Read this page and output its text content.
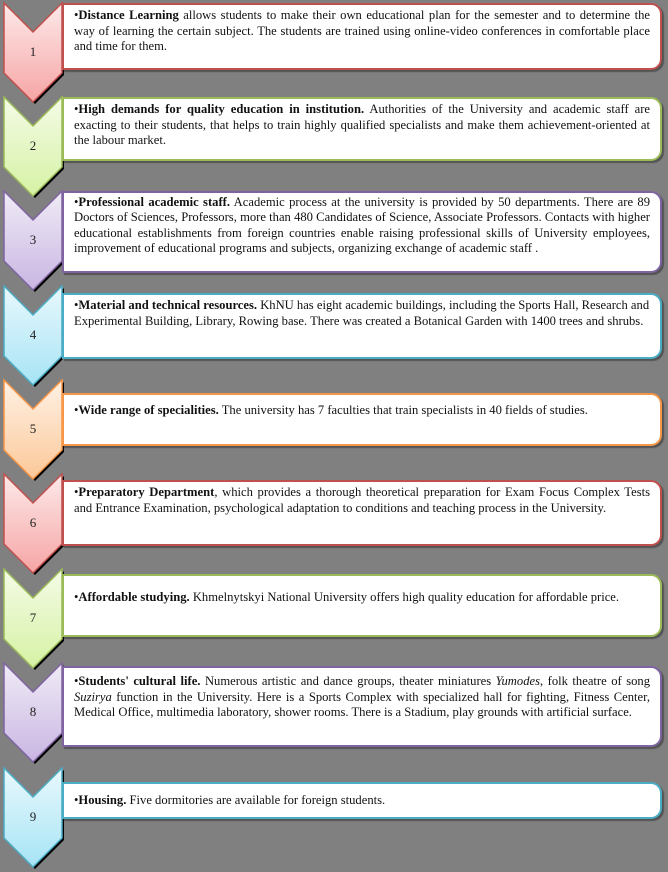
1
•Distance Learning allows students to make their own educational plan for the semester and to determine the way of learning the certain subject. The students are trained using online-video conferences in comfortable place and time for them.
2
•High demands for quality education in institution. Authorities of the University and academic staff are exacting to their students, that helps to train highly qualified specialists and make them achievement-oriented at the labour market.
3
•Professional academic staff. Academic process at the university is provided by 50 departments. There are 89 Doctors of Sciences, Professors, more than 480 Candidates of Science, Associate Professors. Contacts with higher educational establishments from foreign countries enable raising professional skills of University employees, improvement of educational programs and subjects, organizing exchange of academic staff .
4
•Material and technical resources. KhNU has eight academic buildings, including the Sports Hall, Research and Experimental Building, Library, Rowing base. There was created a Botanical Garden with 1400 trees and shrubs.
5
•Wide range of specialities. The university has 7 faculties that train specialists in 40 fields of studies.
6
•Preparatory Department, which provides a thorough theoretical preparation for Exam Focus Complex Tests and Entrance Examination, psychological adaptation to conditions and teaching process in the University.
7
•Affordable studying. Khmelnytskyi National University offers high quality education for affordable price.
8
•Students' cultural life. Numerous artistic and dance groups, theater miniatures Yumodes, folk theatre of song Suzirya function in the University. Here is a Sports Complex with specialized hall for fighting, Fitness Center, Medical Office, multimedia laboratory, shower rooms. There is a Stadium, play grounds with artificial surface.
9
•Housing. Five dormitories are available for foreign students.
